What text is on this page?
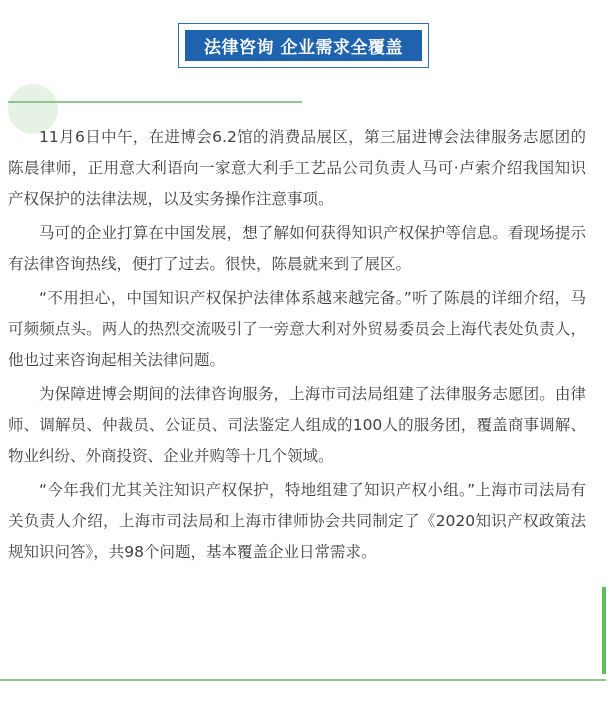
法律咨询 企业需求全覆盖

11月6日中午，在进博会6.2馆的消费品展区，第三届进博会法律服务志愿团的陈晨律师，正用意大利语向一家意大利手工艺品公司负责人马可·卢索介绍我国知识产权保护的法律法规，以及实务操作注意事项。

马可的企业打算在中国发展，想了解如何获得知识产权保护等信息。看现场提示有法律咨询热线，便打了过去。很快，陈晨就来到了展区。

“不用担心，中国知识产权保护法律体系越来越完备。”听了陈晨的详细介绍，马可频频点头。两人的热烈交流吸引了一旁意大利对外贸易委员会上海代表处负责人，他也过来咨询起相关法律问题。

为保障进博会期间的法律咨询服务，上海市司法局组建了法律服务志愿团。由律师、调解员、仲裁员、公证员、司法鉴定人组成的100人的服务团，覆盖商事调解、物业纠纷、外商投资、企业并购等十几个领域。

“今年我们尤其关注知识产权保护，特地组建了知识产权小组。”上海市司法局有关负责人介绍，上海市司法局和上海市律师协会共同制定了《2020知识产权政策法规知识问答》，共98个问题，基本覆盖企业日常需求。
